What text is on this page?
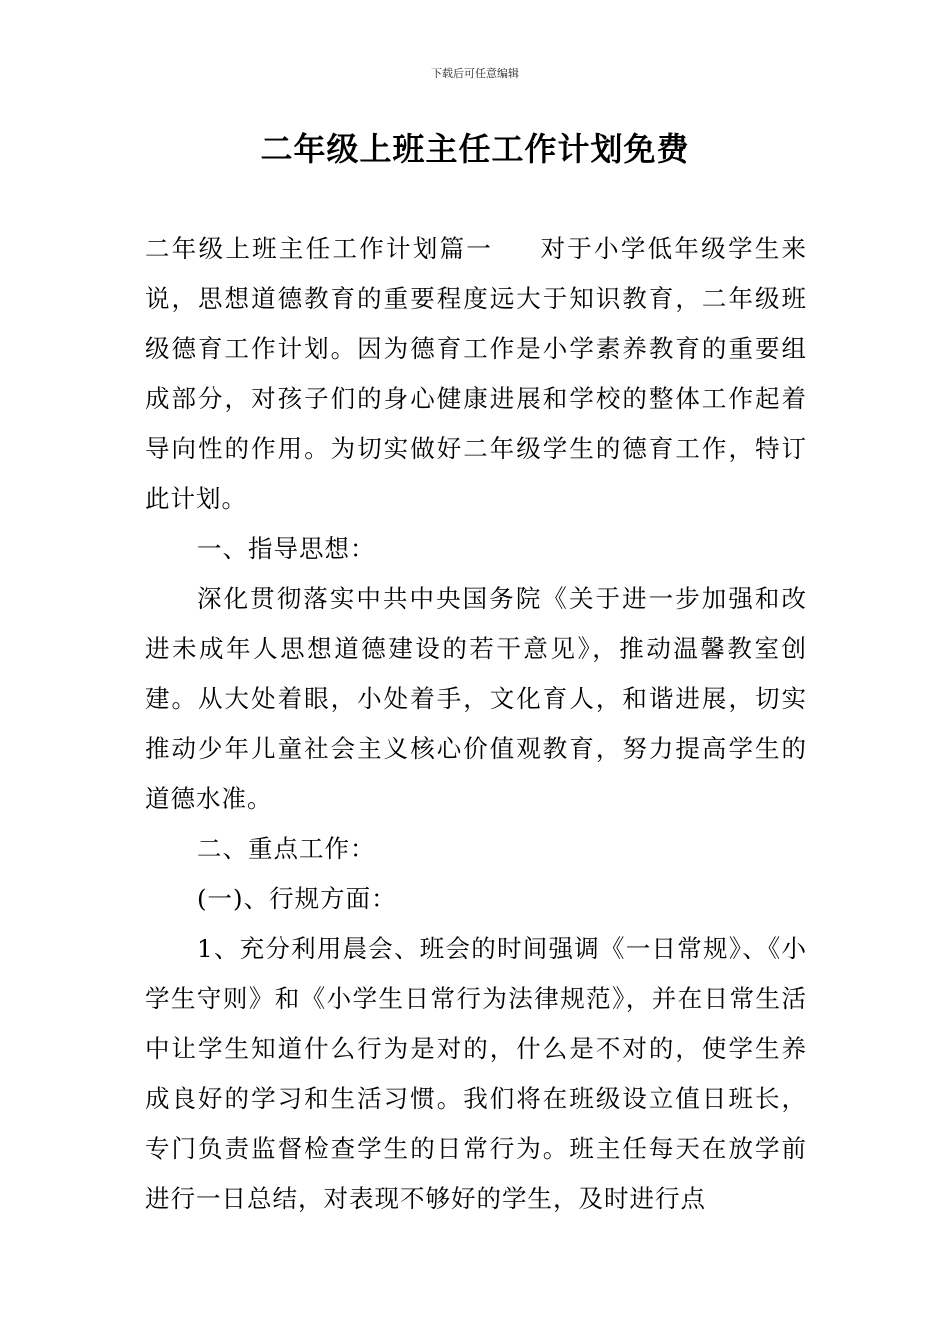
下载后可任意编辑
二年级上班主任工作计划免费

二年级上班主任工作计划篇一 对于小学低年级学生来说，思想道德教育的重要程度远大于知识教育，二年级班级德育工作计划。因为德育工作是小学素养教育的重要组成部分，对孩子们的身心健康进展和学校的整体工作起着导向性的作用。为切实做好二年级学生的德育工作，特订此计划。

一、指导思想：

深化贯彻落实中共中央国务院《关于进一步加强和改进未成年人思想道德建设的若干意见》，推动温馨教室创建。从大处着眼，小处着手，文化育人，和谐进展，切实推动少年儿童社会主义核心价值观教育，努力提高学生的道德水准。

二、重点工作：

(一)、行规方面：

1、充分利用晨会、班会的时间强调《一日常规》、《小学生守则》和《小学生日常行为法律规范》，并在日常生活中让学生知道什么行为是对的，什么是不对的，使学生养成良好的学习和生活习惯。我们将在班级设立值日班长，专门负责监督检查学生的日常行为。班主任每天在放学前进行一日总结，对表现不够好的学生，及时进行点
